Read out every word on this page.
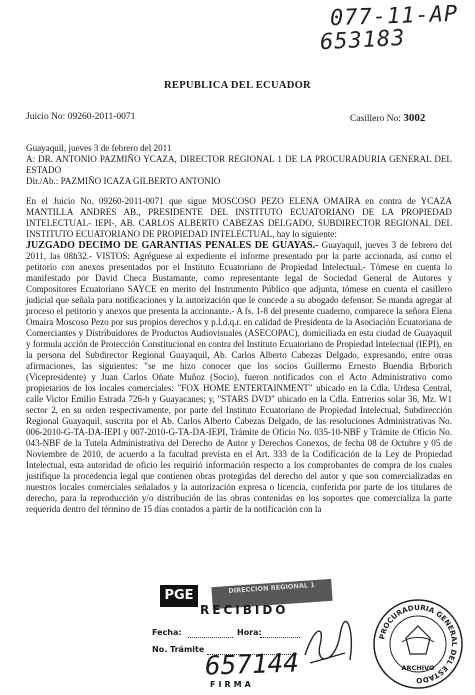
077-11-AP
653183
REPUBLICA DEL ECUADOR
Juicio No: 09260-2011-0071	Casillero No: 3002
Guayaquil, jueves 3 de febrero del 2011
A: DR. ANTONIO PAZMIÑO YCAZA, DIRECTOR REGIONAL 1 DE LA PROCURADURIA GENERAL DEL ESTADO
Dir./Ab.: PAZMIÑO ICAZA GILBERTO ANTONIO
En el Juicio No. 09260-2011-0071 que sigue MOSCOSO PEZO ELENA OMAIRA en contra de YCAZA MANTILLA ANDRES AB., PRESIDENTE DEL INSTITUTO ECUATORIANO DE LA PROPIEDAD INTELECTUAL- IEPI-, AB. CARLOS ALBERTO CABEZAS DELGADO, SUBDIRECTOR REGIONAL DEL INSTITUTO ECUATORIANO DE PROPIEDAD INTELECTUAL, hay lo siguiente:
JUZGADO DECIMO DE GARANTIAS PENALES DE GUAYAS.- Guayaquil, jueves 3 de febrero del 2011, las 08h32.- VISTOS: Agréguese al expediente el informe presentado por la parte accionada, así como el petitorio con anexos presentados por el Instituto Ecuatoriano de Propiedad Intelectual.- Tómese en cuenta lo manifestado por David Checa Bustamante, como representante legal de Sociedad General de Autores y Compositores Ecuatoriano SAYCE en merito del Instrumento Público que adjunta, tómese en cuenta el casillero judicial que señala para notificaciones y la autorización que le concede a su abogado defensor. Se manda agregar al proceso el petitorio y anexos que presenta la accionante.- A fs. 1-8 del presente cuaderno, comparece la señora Elena Omaira Moscoso Pezo por sus propios derechos y p.l.d.q.r. en calidad de Presidenta de la Asociación Ecuatoriana de Comerciantes y Distribuidores de Productos Audiovisuales (ASECOPAC), domiciliada en esta ciudad de Guayaquil y formula acción de Protección Constitucional en contra del Instituto Ecuatoriano de Propiedad Intelectual (IEPI), en la persona del Subdirector Regional Guayaquil, Ab. Carlos Alberto Cabezas Delgado, expresando, entre otras afirmaciones, las siguientes: "se me hizo conocer que los socios Guillermo Ernesto Buendia Brborich (Vicepresidente) y Juan Carlos Oñate Muñoz (Socio), fueron notificados con el Acto Administrativo como propietarios de los locales comerciales: "FOX HOME ENTERTAINMENT" ubicado en la Cdla. Urdesa Central, calle Victor Emilio Estrada 726-b y Guayacanes; y, "STARS DVD" ubicado en la Cdla. Entrerios solar 36, Mz. W1 sector 2, en su orden respectivamente, por parte del Instituto Ecuatoriano de Propiedad Intelectual, Subdirección Regional Guayaquil, suscrita por el Ab. Carlos Alberto Cabezas Delgado, de las resoluciones Administrativas No. 006-2010-G-TA-DA-IEPI y 007-2010-G-TA-DA-IEPI, Trámite de Oficio No. 035-10-NBF y Trámite de Oficio No. 043-NBF de la Tutela Administrativa del Derecho de Autor y Derechos Conexos, de fecha 08 de Octubre y 05 de Noviembre de 2010, de acuerdo a la facultad prevista en el Art. 333 de la Codificación de la Ley de Propiedad Intelectual, esta autoridad de oficio les requirió información respecto a los comprobantes de compra de los cuales justifique la procedencia legal que contienen obras protegidas del derecho del autor y que son comercializadas en nuestros locales comerciales señalados y la autorización expresa o licencia, conferida por parte de los titulares de derecho, para la reproducción y/o distribución de las obras contenidas en los soportes que comercializa la parte requerida dentro del término de 15 días contados a partir de la notificación con la
PGE	DIRECCION REGIONAL 1
RECIBIDO
Fecha:	Hora:
No. Trámite 657144
FIRMA
PROCURADURIA GENERAL DEL ESTADO
ARCHIVO
